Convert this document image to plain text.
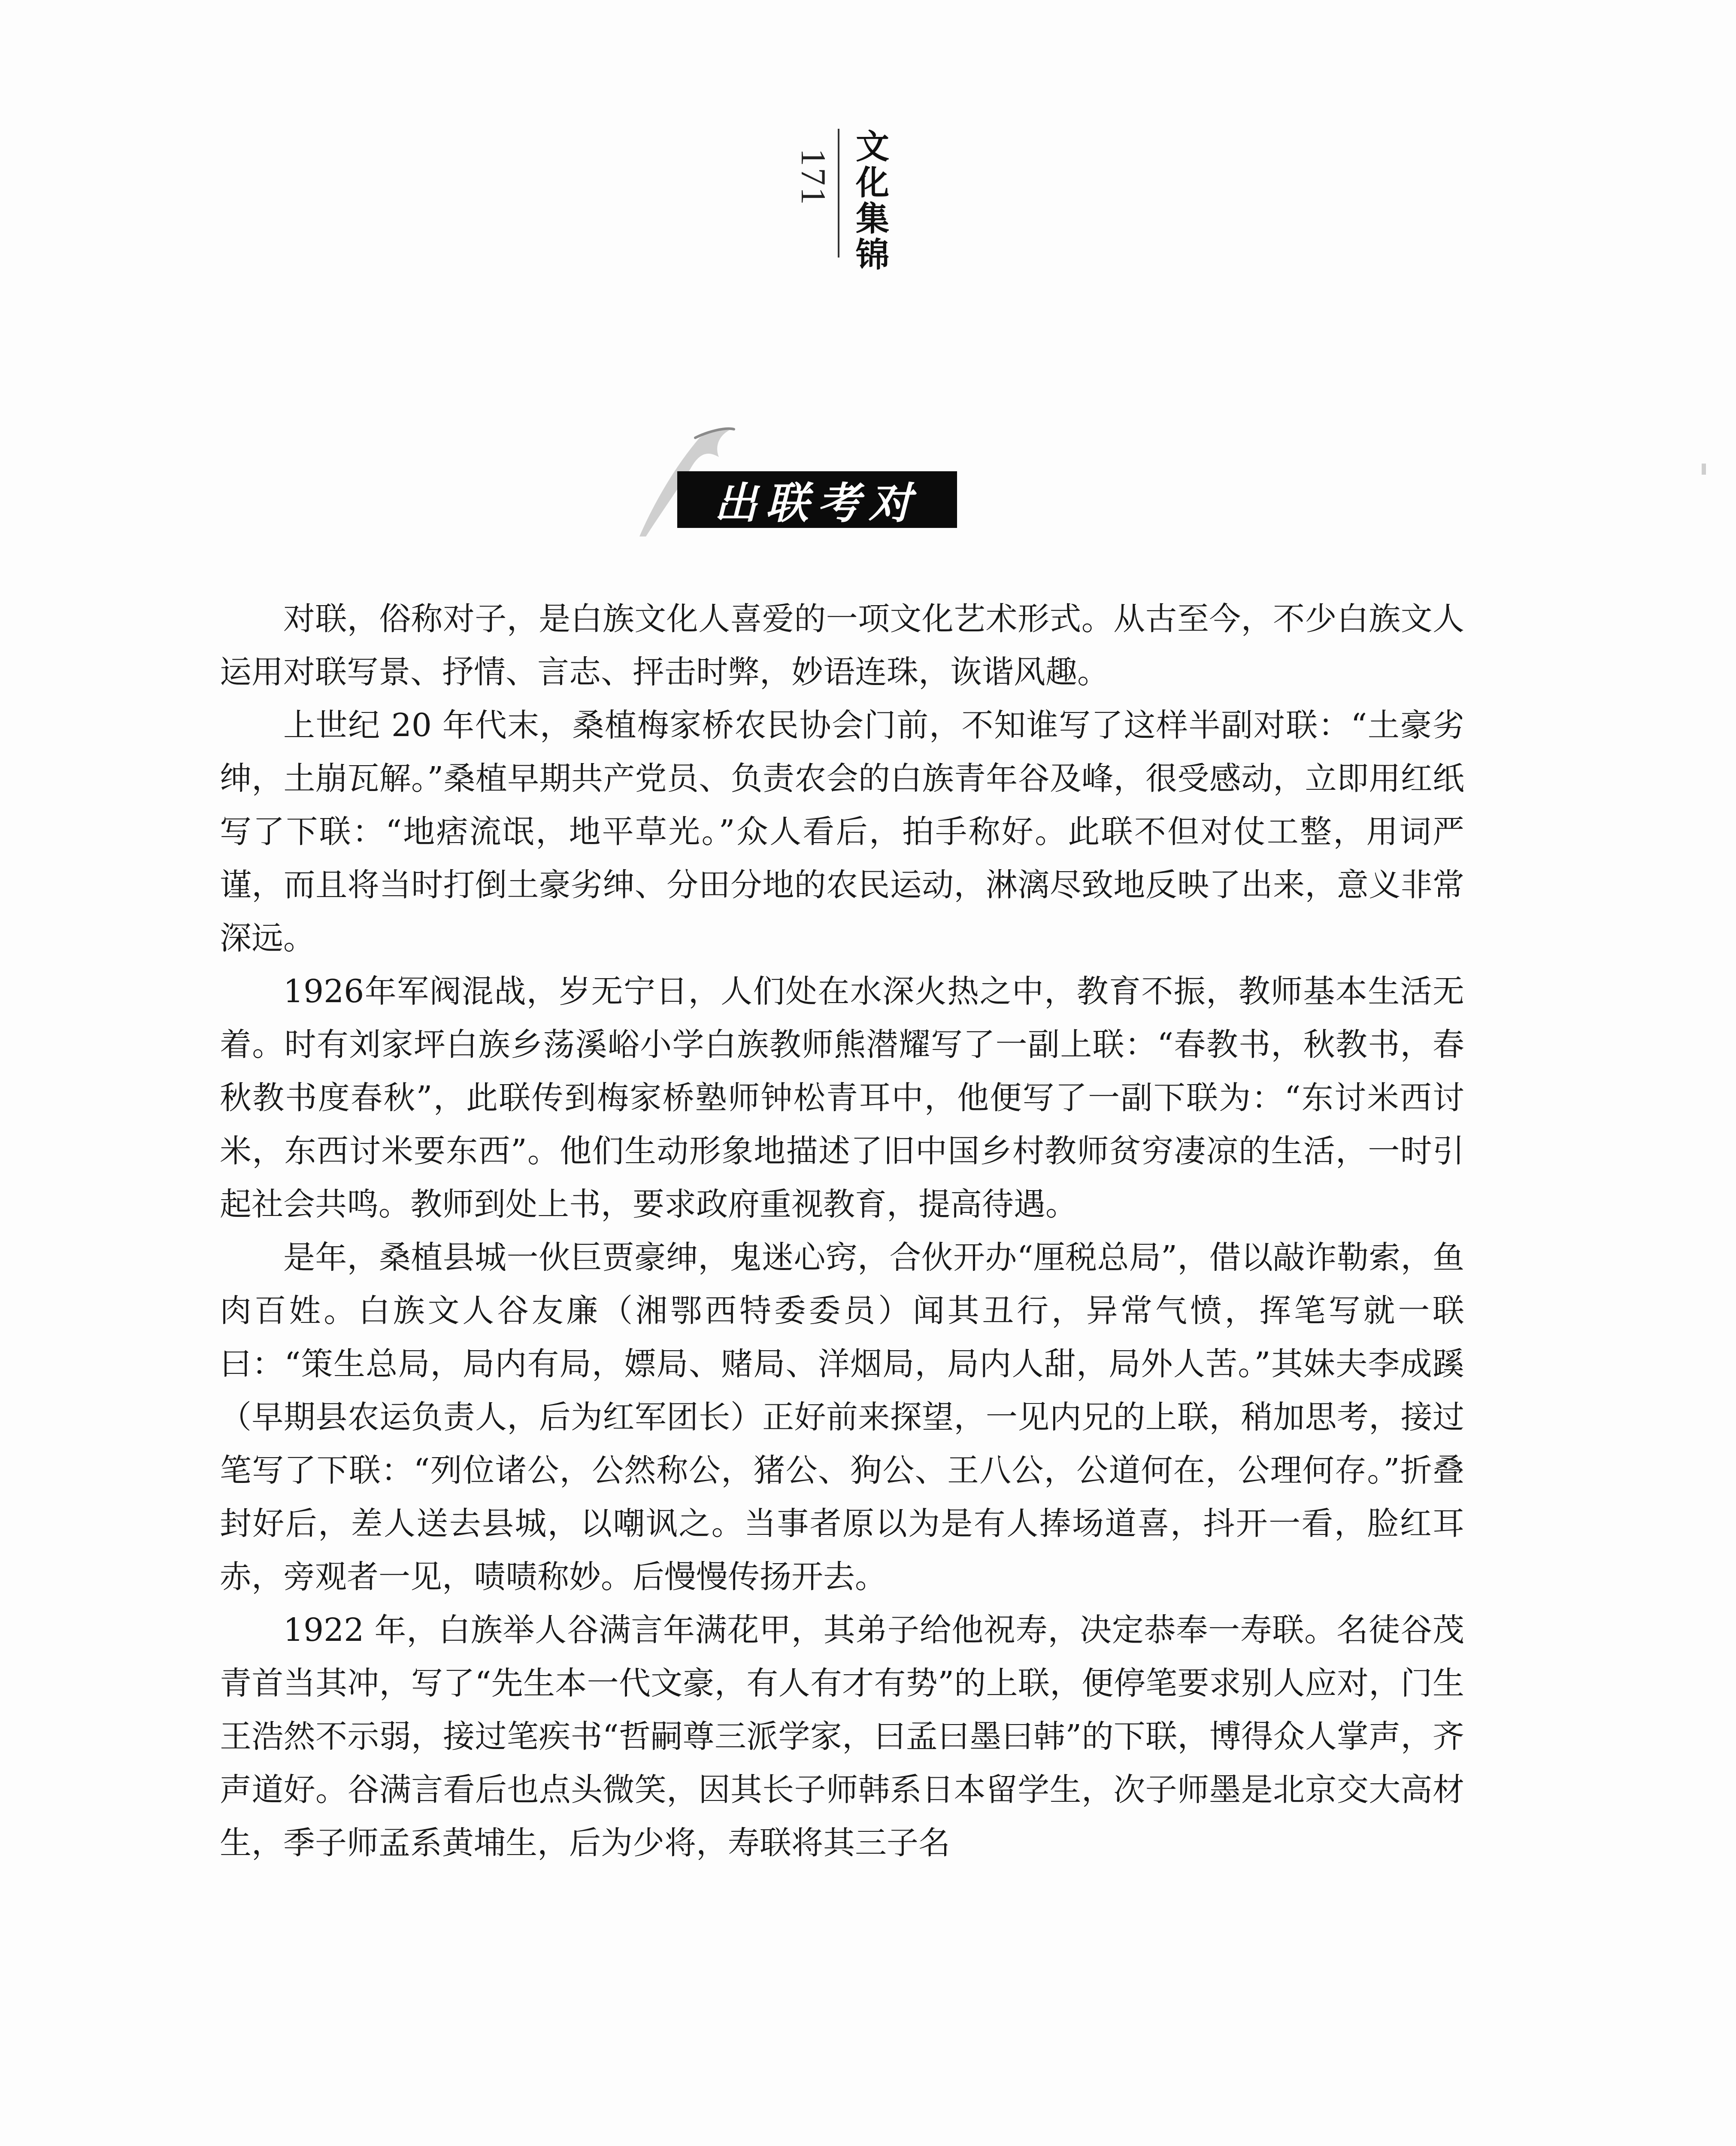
171 文化集锦
出联考对

对联，俗称对子，是白族文化人喜爱的一项文化艺术形式。从古至今，不少白族文人运用对联写景、抒情、言志、抨击时弊，妙语连珠，诙谐风趣。

上世纪 20 年代末，桑植梅家桥农民协会门前，不知谁写了这样半副对联：“土豪劣绅，土崩瓦解。”桑植早期共产党员、负责农会的白族青年谷及峰，很受感动，立即用红纸写了下联：“地痞流氓，地平草光。”众人看后，拍手称好。此联不但对仗工整，用词严谨，而且将当时打倒土豪劣绅、分田分地的农民运动，淋漓尽致地反映了出来，意义非常深远。

1926年军阀混战，岁无宁日，人们处在水深火热之中，教育不振，教师基本生活无着。时有刘家坪白族乡荡溪峪小学白族教师熊潜耀写了一副上联：“春教书，秋教书，春秋教书度春秋”，此联传到梅家桥塾师钟松青耳中，他便写了一副下联为：“东讨米西讨米，东西讨米要东西”。他们生动形象地描述了旧中国乡村教师贫穷凄凉的生活，一时引起社会共鸣。教师到处上书，要求政府重视教育，提高待遇。

是年，桑植县城一伙巨贾豪绅，鬼迷心窍，合伙开办“厘税总局”，借以敲诈勒索，鱼肉百姓。白族文人谷友廉（湘鄂西特委委员）闻其丑行，异常气愤，挥笔写就一联曰：“策生总局，局内有局，嫖局、赌局、洋烟局，局内人甜，局外人苦。”其妹夫李成蹊（早期县农运负责人，后为红军团长）正好前来探望，一见内兄的上联，稍加思考，接过笔写了下联：“列位诸公，公然称公，猪公、狗公、王八公，公道何在，公理何存。”折叠封好后，差人送去县城，以嘲讽之。当事者原以为是有人捧场道喜，抖开一看，脸红耳赤，旁观者一见，啧啧称妙。后慢慢传扬开去。

1922 年，白族举人谷满言年满花甲，其弟子给他祝寿，决定恭奉一寿联。名徒谷茂青首当其冲，写了“先生本一代文豪，有人有才有势”的上联，便停笔要求别人应对，门生王浩然不示弱，接过笔疾书“哲嗣尊三派学家，曰孟曰墨曰韩”的下联，博得众人掌声，齐声道好。谷满言看后也点头微笑，因其长子师韩系日本留学生，次子师墨是北京交大高材生，季子师孟系黄埔生，后为少将，寿联将其三子名
